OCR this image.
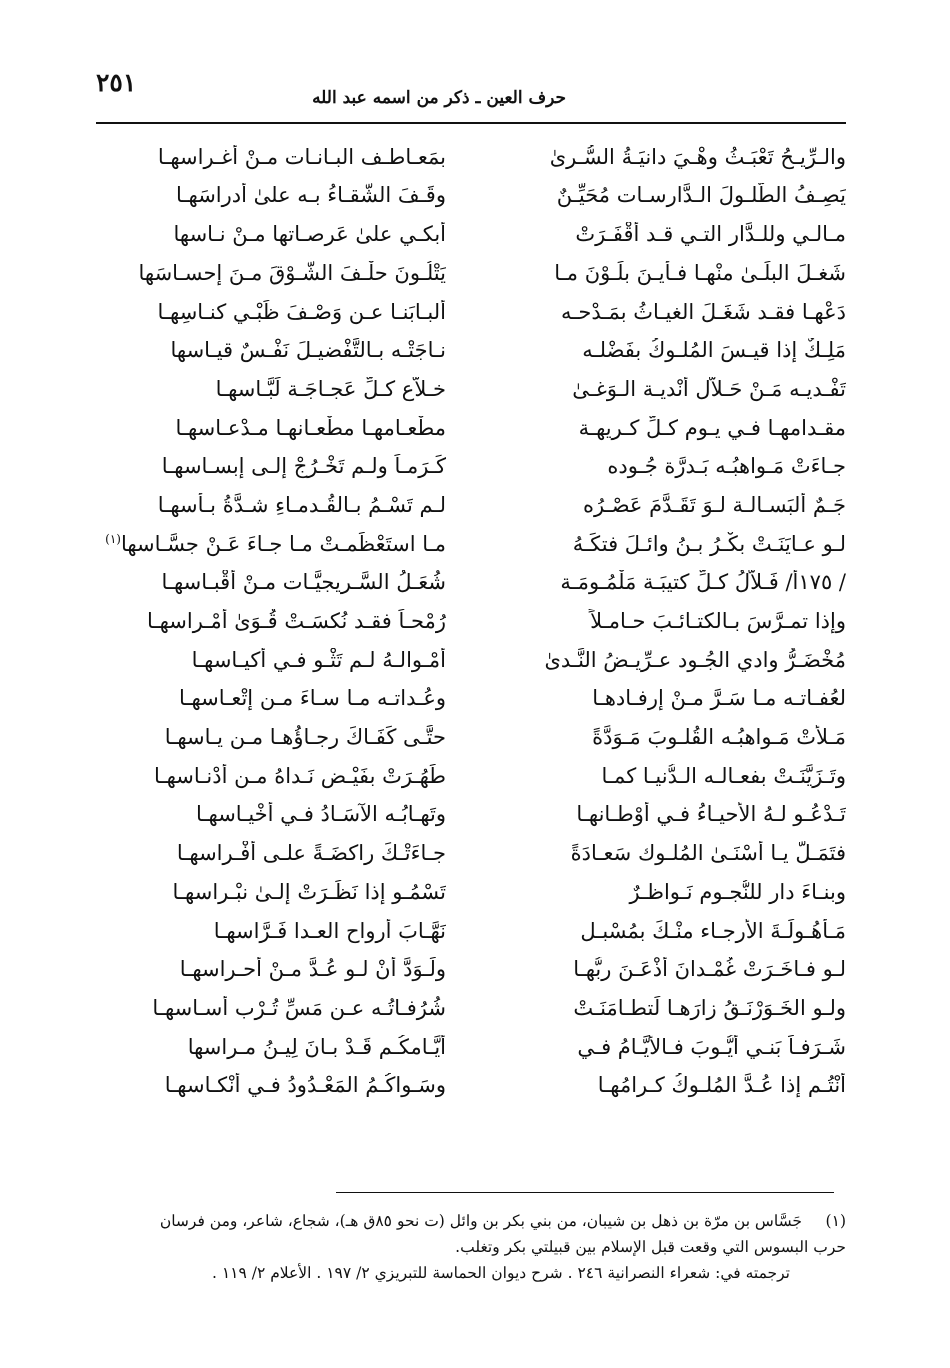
٢٥١
حرف العين ـ ذكر من اسمه عبد الله
والـرِّيـحُ تَعْبَـثُ وهْـيَ دانيَـةُ السُّـرىٰ
بمَعـاطـف البـانـات مـنْ أغـراسهـا
يَصِـفُ الطُّلـولَ الـدَّارسـات مُحَيِّـنٌ
وقَـفَ الشَّقـاءُ بـه علىٰ أدراسَهـا
مـالـي وللـدَّار التـي قـد أقْفَـرَتْ
أبكـي علىٰ عَرصـاتها مـنْ نـاسها
شَغـلَ البلَـىٰ منْهـا فـأيـنَ بلَـوْنَ مـا
يَتْلُـونَ حلْـفَ الشَّـوْقَ مـنَ إحسـاسَها
دَعْهـا فقـد شَغَـلَ الغيـاثُ بمَـدْحـه
ألبـابَنـا عـن وَصْـفَ ظَبْـيِ كنـاسِهـا
مَلِـكٌ إذا قيـسَ المُلـوكُ بفَضْلـه
نـاجَتْـه بـالتَّفْضيـلَ نَفْـسٌ قيـاسها
تَفْـديـه مَـنْ حَـلاَّل أنْديـة الـوَغـىٰ
خـلاَّعِ كـلِّ عَجـاجَـة لَبَّـاسهـا
مقـدامهـا فـي يـوم كـلِّ كـريهـة
مطْعـامهـا مطْعـانهـا مـدْعـاسهـا
جـاءَتْ مَـواهبُـه بَـدرَّة جُـوده
كَـرَمـاً ولـم تَخْـرُجْ إلـى إبسـاسهـا
جَـمٌ ألبَسـالـة لـوَ تَقَـدَّمَ عَصْـرُه
لـم تَسْـمُ بـالقُـدمـاءِ شـدَّةُ بـأسهـا
لـو عـايَنَـتْ بكْـرُ بـنُ وائـلَ فتكَـهُ
مـا استَعْظَمـتْ مـا جـاءَ عَـنْ جسَّـاسها$^{(١)}$
/ ١٧٥أ/ فَـلاَّلُ كـلِّ كتيبَـة مَلْمُـومَـة
شُعَـلُ السَّـريجيَّـات مـنْ أقْبـاسهـا
وإذا تمـرَّسَ بـالكتـائـبَ حـامـلاً
رُمْحـاً فقـد نُكسَـتْ قُـوَىٰ أمْـراسهـا
مُخْضَـرُّ وادي الجُـود عـرِّيـضُ النَّـدىٰ
أمْـوالـهُ لـم تَثْـو فـي أكيـاسهـا
لعُفـاتـه مـا سَـرَّ مـنْ إرفـادهـا
وعُـداتـه مـا سـاءَ مـن إتْعـاسهـا
مَـلأَتْ مَـواهبُـه القُلـوبَ مَـوَدَّةً
حتَّـى كَفَـاكَ رجـاؤُهـا مـن يـاسهـا
وتَـزَيَّنَـتْ بفعـالـه الـدُّنيـا كمـا
طَهُـرَتْ بفَيْـض نَـداهُ مـن أدْنـاسهـا
تَـدْعُـو لـهُ الأحيـاءُ فـي أوْطـانهـا
وتَهـابُـه الآسَـادُ فـي أخْيـاسهـا
فتَمَـلَّ يـا أسْنَـىٰ المُلـوك سَعـادَةً
جـاءَتْـكَ راكضَـةً علـى أفْـراسهـا
وبنـاءَ دار للنُّجـوم نَـواظـرٌ
تَسْمُـو إذا نَظَـرَتْ إلـىٰ نبْـراسهـا
مَـأهُـولَـةَ الأرجـاء منْـكَ بمُسْبـل
نَهَّـابَ أرواح العـدا فَـرَّاسهـا
لـو فـاخَـرَتْ غُمْـدانَ أذْعَـنَ ربُّهـا
ولَـوَدَّ أنْ لـو عُـدَّ مـنْ أحـراسهـا
ولـو الخَـوَرْنَـقُ زارَهـا لَتطـامَنَـتْ
شُرُفـاتُـه عـن مَسِّ تُـرْب أسـاسهـا
شَـرَفـاً بَنـي أيُّـوبَ فـالأيَّـامُ فـي
أيَّـامكُـم قَـدْ بـانَ لِيـنُ مـراسها
أنْتُـم إذا عُـدَّ المُلـوكُ كـرامُهـا
وسَـواكُـمُ المَعْـدُودُ فـي أنْكـاسهـا
(١)جَسَّاس بن مرّة بن ذهل بن شيبان، من بني بكر بن وائل (ت نحو ٨٥ق هـ)، شجاع، شاعر، ومن فرسان
حرب البسوس التي وقعت قبل الإسلام بين قبيلتي بكر وتغلب.
ترجمته في: شعراء النصرانية ٢٤٦ . شرح ديوان الحماسة للتبريزي ٢/ ١٩٧ . الأعلام ٢/ ١١٩ .
